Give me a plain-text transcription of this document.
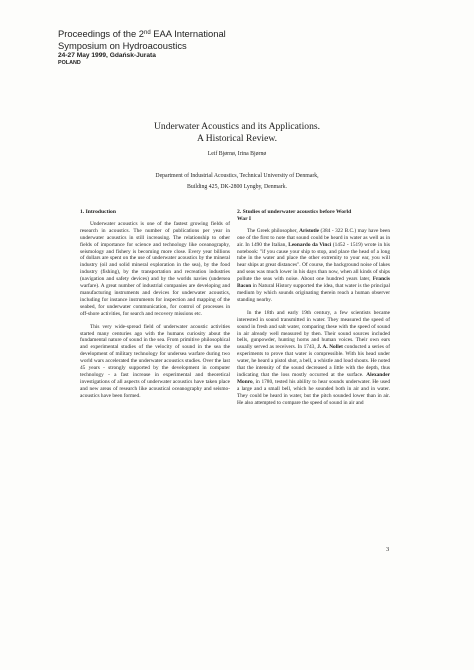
Proceedings of the 2nd EAA International
Symposium on Hydroacoustics
24-27 May 1999, Gdańsk-Jurata
POLAND
Underwater Acoustics and its Applications.
A Historical Review.
Leif Bjørnø, Irina Bjørnø
Department of Industrial Acoustics, Technical University of Denmark,
Building 425, DK-2800 Lyngby, Denmark.
1. Introduction

Underwater acoustics is one of the fastest growing fields of research in acoustics. The number of publications per year in underwater acoustics in still increasing. The relationship to other fields of importance for science and technology like oceanography, seismology and fishery is becoming more close. Every year billions of dollars are spent on the use of underwater acoustics by the mineral industry (oil and solid mineral exploration in the sea), by the food industry (fishing), by the transportation and recreation industries (navigation and safety devices) and by the worlds navies (undersea warfare). A great number of industrial companies are developing and manufacturing instruments and devices for underwater acoustics, including for instance instruments for inspection and mapping of the seabed, for underwater communication, for control of processes in off-shore activities, for search and recovery missions etc.

This very wide-spread field of underwater acoustic activities started many centuries ago with the humans curiosity about the fundamental nature of sound in the sea. From primitive philosophical and experimental studies of the velocity of sound in the sea the development of military technology for undersea warfare during two world wars accelerated the underwater acoustics studies. Over the last 45 years - strongly supported by the development in computer technology - a fast increase in experimental and theoretical investigations of all aspects of underwater acoustics have taken place and new areas of research like acoustical oceanography and seismo-acoustics have been formed.

2. Studies of underwater acoustics before World
War I

The Greek philosopher, Aristotle (384 - 322 B.C.) may have been one of the first to note that sound could be heard in water as well as in air. In 1490 the Italian, Leonardo da Vinci (1452 - 1519) wrote in his notebook: "if you cause your ship to stop, and place the head of a long tube in the water and place the other extremity to your ear, you will hear ships at great distances". Of course, the background noise of lakes and seas was much lower in his days than now, when all kinds of ships pollute the seas with noise. About one hundred years later, Francis Bacon in Natural History supported the idea, that water is the principal medium by which sounds originating therein reach a human observer standing nearby.

In the 18th and early 19th century, a few scientists became interested in sound transmitted in water. They measured the speed of sound in fresh and salt water, comparing these with the speed of sound in air already well measured by then. Their sound sources included bells, gunpowder, hunting horns and human voices. Their own ears usually served as receivers. In 1743, J. A. Nollet conducted a series of experiments to prove that water is compressible. With his head under water, he heard a pistol shot, a bell, a whistle and loud shouts. He noted that the intensity of the sound decreased a little with the depth, thus indicating that the loss mostly occurred at the surface. Alexander Monro, in 1780, tested his ability to hear sounds underwater. He used a large and a small bell, which he sounded both in air and in water. They could be heard in water, but the pitch sounded lower than in air. He also attempted to compare the speed of sound in air and

3
